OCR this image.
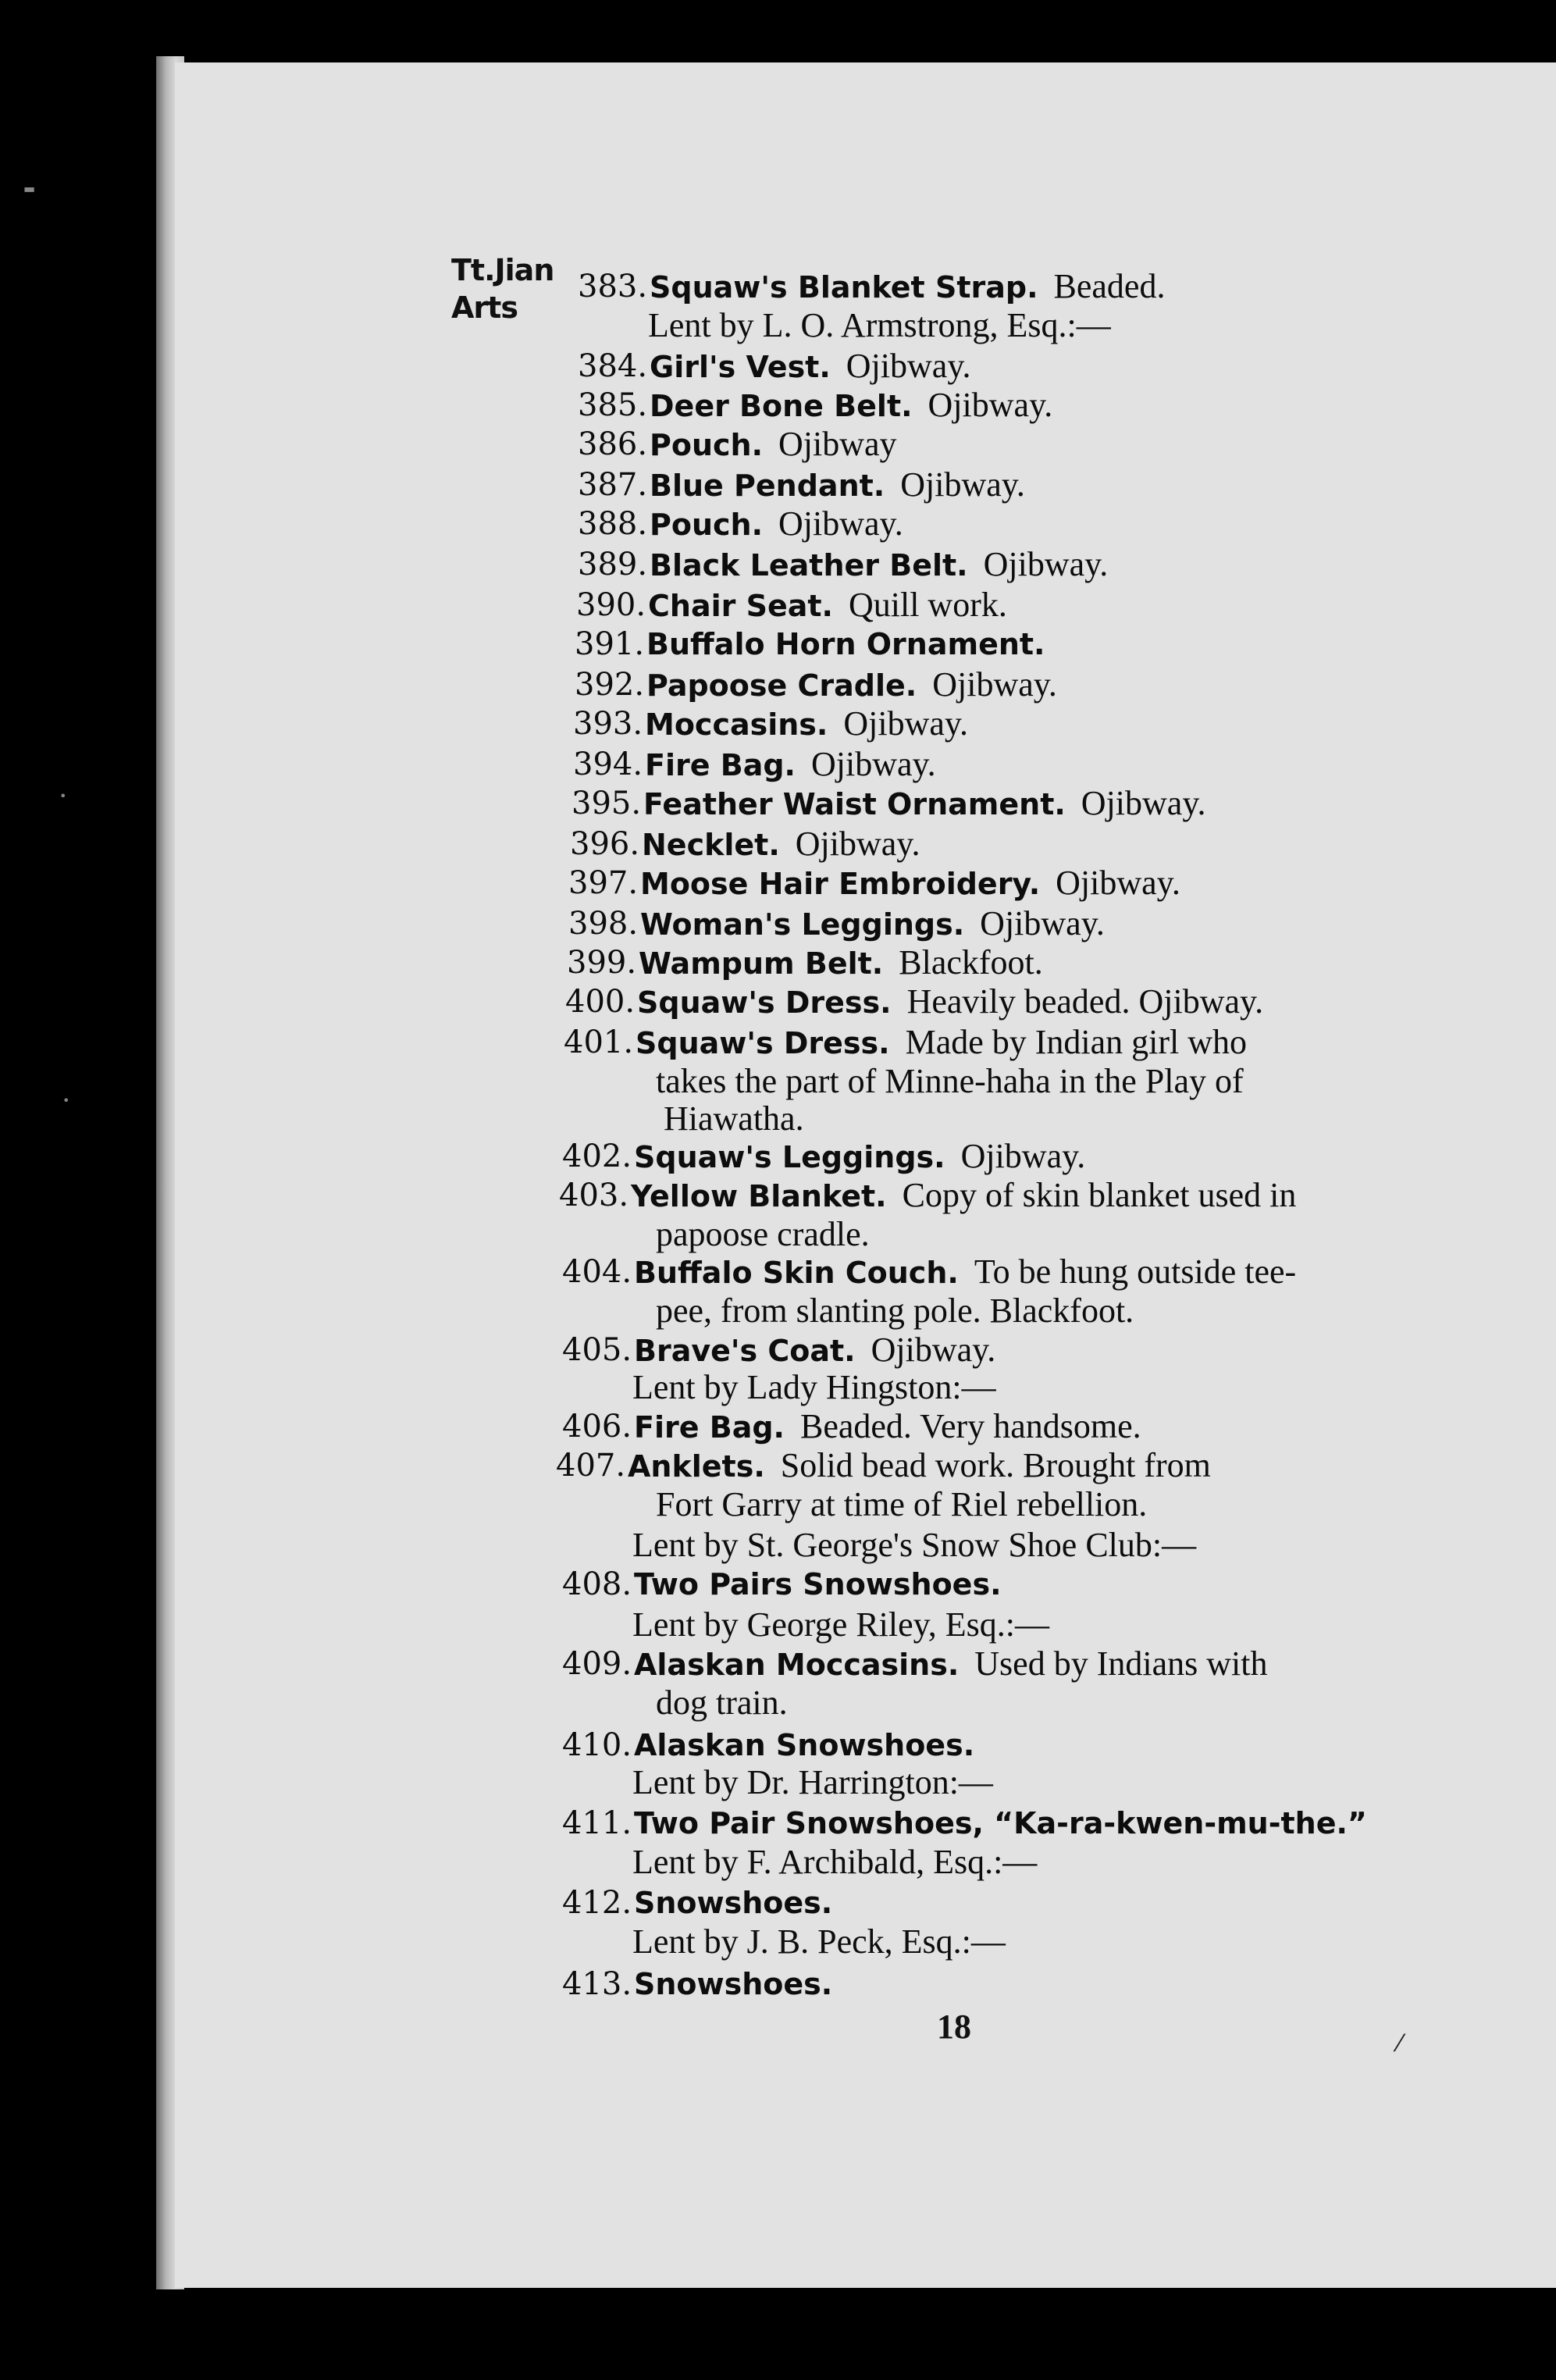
▬
•
•
⁄
Tt.Jian
Arts
383. Squaw's Blanket Strap.  Beaded.
Lent by L. O. Armstrong, Esq.:—
384. Girl's Vest.  Ojibway.
385. Deer Bone Belt.  Ojibway.
386. Pouch.  Ojibway
387. Blue Pendant.  Ojibway.
388. Pouch.  Ojibway.
389. Black Leather Belt.  Ojibway.
390. Chair Seat.  Quill work.
391. Buffalo Horn Ornament.
392. Papoose Cradle.  Ojibway.
393. Moccasins.  Ojibway.
394. Fire Bag.  Ojibway.
395. Feather Waist Ornament.  Ojibway.
396. Necklet.  Ojibway.
397. Moose Hair Embroidery.  Ojibway.
398. Woman's Leggings.  Ojibway.
399. Wampum Belt.  Blackfoot.
400. Squaw's Dress.  Heavily beaded. Ojibway.
401. Squaw's Dress.  Made by Indian girl who
takes the part of Minne-haha in the Play of
Hiawatha.
402. Squaw's Leggings.  Ojibway.
403. Yellow Blanket.  Copy of skin blanket used in
papoose cradle.
404. Buffalo Skin Couch.  To be hung outside tee-
pee, from slanting pole. Blackfoot.
405. Brave's Coat.  Ojibway.
Lent by Lady Hingston:—
406. Fire Bag.  Beaded. Very handsome.
407. Anklets.  Solid bead work. Brought from
Fort Garry at time of Riel rebellion.
Lent by St. George's Snow Shoe Club:—
408. Two Pairs Snowshoes.
Lent by George Riley, Esq.:—
409. Alaskan Moccasins.  Used by Indians with
dog train.
410. Alaskan Snowshoes.
Lent by Dr. Harrington:—
411. Two Pair Snowshoes, “Ka-ra-kwen-mu-the.”
Lent by F. Archibald, Esq.:—
412. Snowshoes.
Lent by J. B. Peck, Esq.:—
413. Snowshoes.
18
